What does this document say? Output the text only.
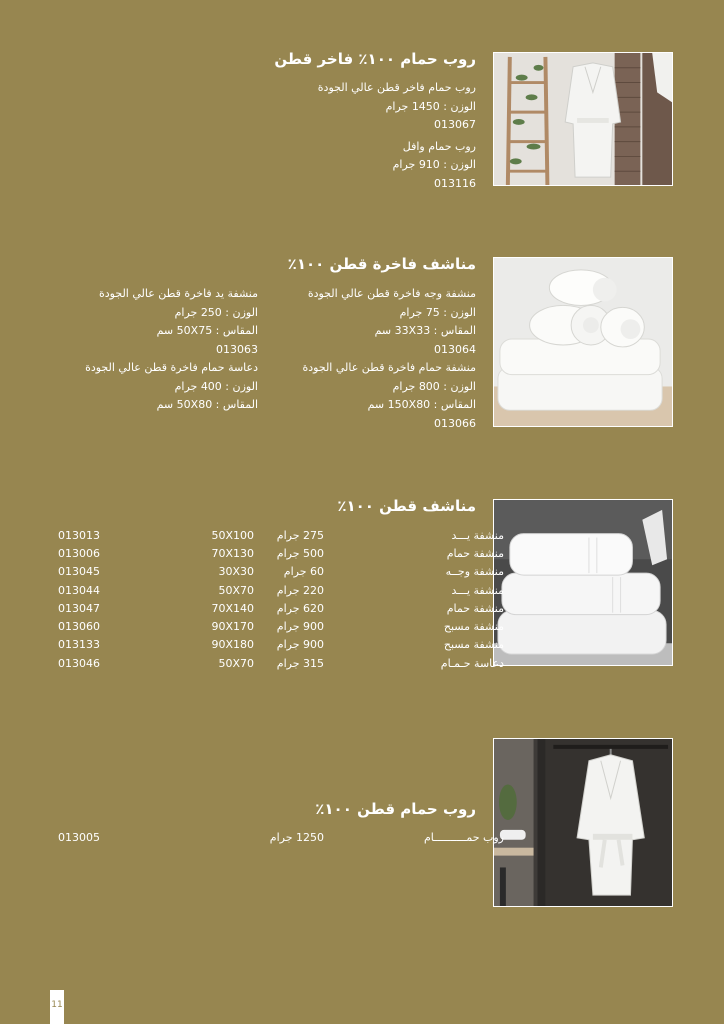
روب حمام ١٠٠٪ فاخر قطن
روب حمام فاخر قطن عالي الجودة
الوزن : 1450 جرام
013067
روب حمام وافل
الوزن : 910 جرام
013116
مناشف فاخرة قطن ١٠٠٪
منشفة وجه فاخرة قطن عالي الجودة
الوزن : 75 جرام
المقاس : 33X33 سم
013064
منشفة حمام فاخرة قطن عالي الجودة
الوزن : 800 جرام
المقاس : 150X80 سم
013066
منشفة يد فاخرة قطن عالي الجودة
الوزن : 250 جرام
المقاس : 50X75 سم
013063
دعاسة حمام فاخرة قطن عالي الجودة
الوزن : 400 جرام
المقاس : 50X80 سم
مناشف قطن ١٠٠٪
013013	50X100	275 جرام	منشفة يـــد
013006	70X130	500 جرام	منشفة حمام
013045	30X30	60 جرام	منشفة وجــه
013044	50X70	220 جرام	منشفة يـــد
013047	70X140	620 جرام	منشفة حمام
013060	90X170	900 جرام	منشفة مسبح
013133	90X180	900 جرام	منشفة مسبح
013046	50X70	315 جرام	دعاسة حـمـام
روب حمام قطن ١٠٠٪
013005		1250 جرام	روب حمــــــــــام
11
